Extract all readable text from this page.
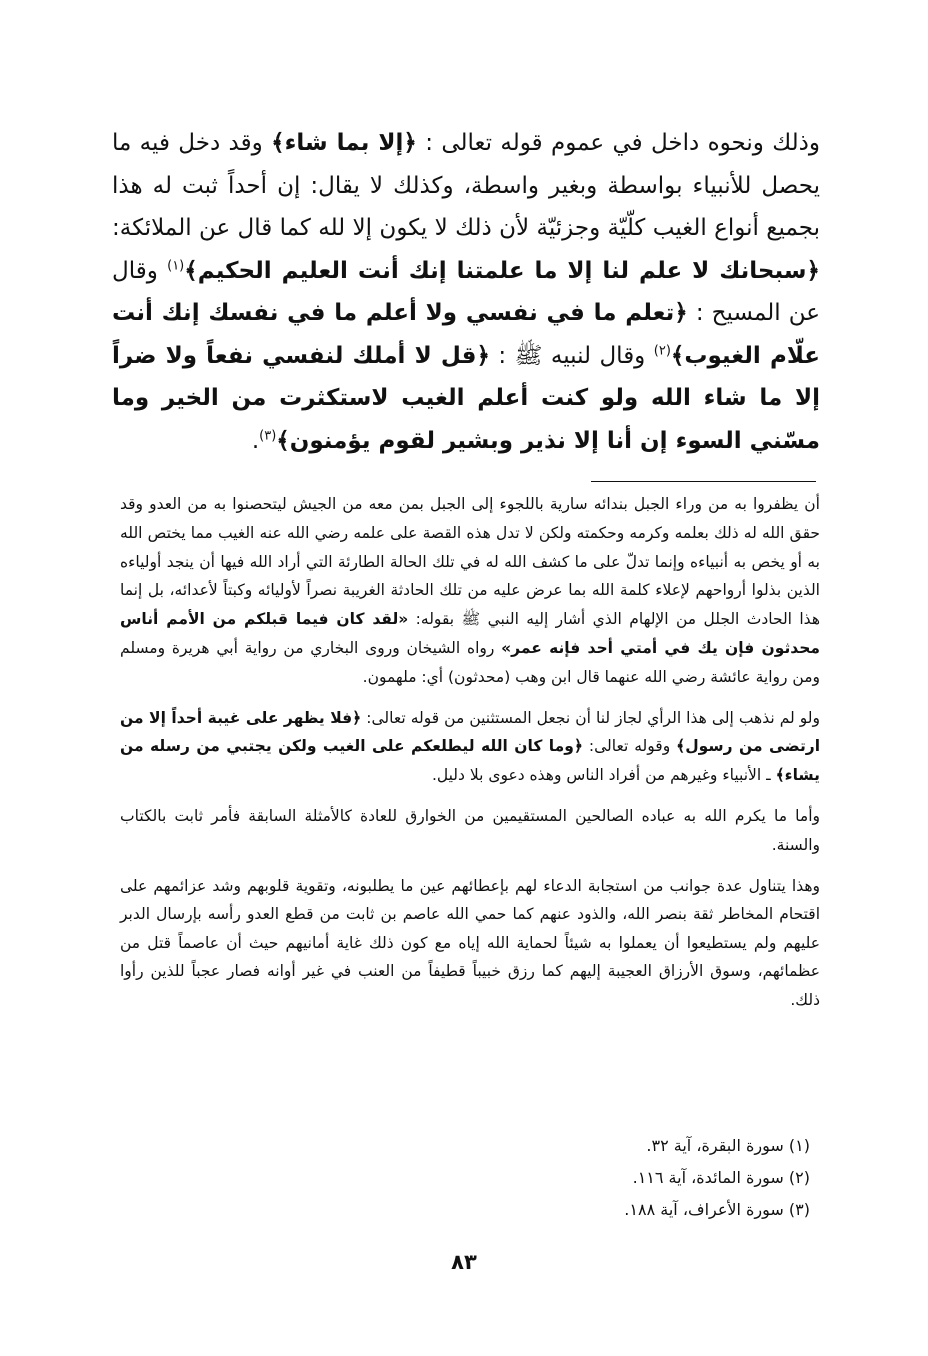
وذلك ونحوه داخل في عموم قوله تعالى : ﴿إلا بما شاء﴾ وقد دخل فيه ما يحصل للأنبياء بواسطة وبغير واسطة، وكذلك لا يقال: إن أحداً ثبت له هذا بجميع أنواع الغيب كلّيّة وجزئيّة لأن ذلك لا يكون إلا لله كما قال عن الملائكة: ﴿سبحانك لا علم لنا إلا ما علمتنا إنك أنت العليم الحكيم﴾$^{(١)}$ وقال عن المسيح : ﴿تعلم ما في نفسي ولا أعلم ما في نفسك إنك أنت علّام الغيوب﴾$^{(٢)}$ وقال لنبيه ﷺ : ﴿قل لا أملك لنفسي نفعاً ولا ضراً إلا ما شاء الله ولو كنت أعلم الغيب لاستكثرت من الخير وما مسّني السوء إن أنا إلا نذير وبشير لقوم يؤمنون﴾$^{(٣)}$.

أن يظفروا به من وراء الجبل بندائه سارية باللجوء إلى الجبل بمن معه من الجيش ليتحصنوا به من العدو وقد حقق الله له ذلك بعلمه وكرمه وحكمته ولكن لا تدل هذه القصة على علمه رضي الله عنه الغيب مما يختص الله به أو يخص به أنبياءه وإنما تدلّ على ما كشف الله له في تلك الحالة الطارئة التي أراد الله فيها أن ينجد أولياءه الذين بذلوا أرواحهم لإعلاء كلمة الله بما عرض عليه من تلك الحادثة الغريبة نصراً لأوليائه وكبتاً لأعدائه، بل إنما هذا الحادث الجلل من الإلهام الذي أشار إليه النبي ﷺ بقوله: «لقد كان فيما قبلكم من الأمم أناس محدثون فإن يك في أمتي أحد فإنه عمر» رواه الشيخان وروى البخاري من رواية أبي هريرة ومسلم ومن رواية عائشة رضي الله عنهما قال ابن وهب (محدثون) أي: ملهمون.

ولو لم نذهب إلى هذا الرأي لجاز لنا أن نجعل المستثنين من قوله تعالى: ﴿فلا يظهر على غيبة أحداً إلا من ارتضى من رسول﴾ وقوله تعالى: ﴿وما كان الله ليطلعكم على الغيب ولكن يجتبي من رسله من يشاء﴾ ـ الأنبياء وغيرهم من أفراد الناس وهذه دعوى بلا دليل.

وأما ما يكرم الله به عباده الصالحين المستقيمين من الخوارق للعادة كالأمثلة السابقة فأمر ثابت بالكتاب والسنة.

وهذا يتناول عدة جوانب من استجابة الدعاء لهم بإعطائهم عين ما يطلبونه، وتقوية قلوبهم وشد عزائمهم على اقتحام المخاطر ثقة بنصر الله، والذود عنهم كما حمي الله عاصم بن ثابت من قطع العدو رأسه بإرسال الدبر عليهم ولم يستطيعوا أن يعملوا به شيئاً لحماية الله إياه مع كون ذلك غاية أمانيهم حيث أن عاصماً قتل من عظمائهم، وسوق الأرزاق العجيبة إليهم كما رزق خبيباً قطيفاً من العنب في غير أوانه فصار عجباً للذين رأوا ذلك.

(١) سورة البقرة، آية ٣٢.

(٢) سورة المائدة، آية ١١٦.

(٣) سورة الأعراف، آية ١٨٨.

٨٣
